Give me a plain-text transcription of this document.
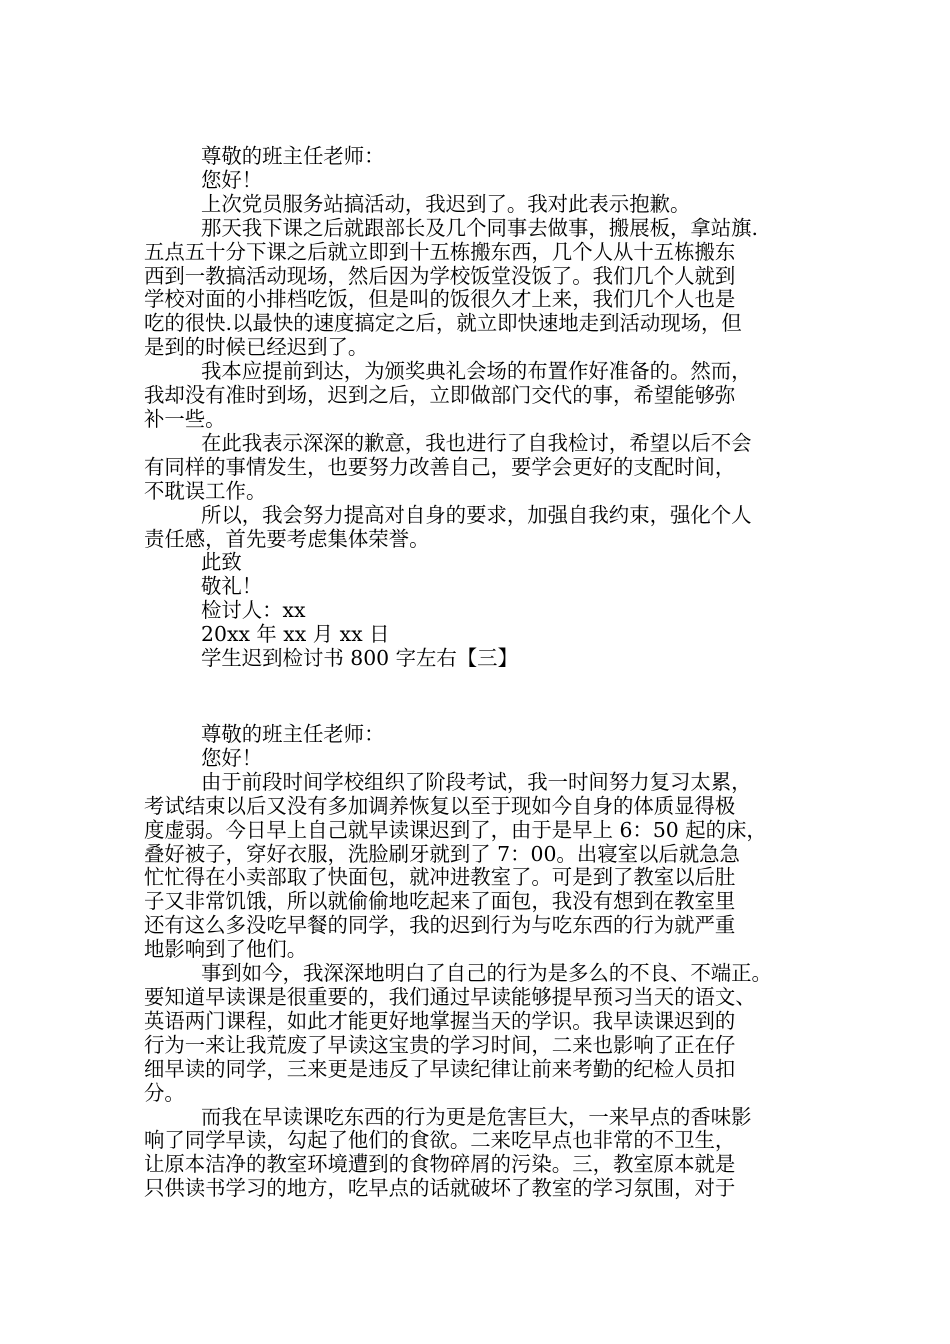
尊敬的班主任老师：
您好！
上次党员服务站搞活动，我迟到了。我对此表示抱歉。
那天我下课之后就跟部长及几个同事去做事，搬展板，拿站旗.
五点五十分下课之后就立即到十五栋搬东西，几个人从十五栋搬东
西到一教搞活动现场，然后因为学校饭堂没饭了。我们几个人就到
学校对面的小排档吃饭，但是叫的饭很久才上来，我们几个人也是
吃的很快.以最快的速度搞定之后，就立即快速地走到活动现场，但
是到的时候已经迟到了。
我本应提前到达，为颁奖典礼会场的布置作好准备的。然而，
我却没有准时到场，迟到之后，立即做部门交代的事，希望能够弥
补一些。
在此我表示深深的歉意，我也进行了自我检讨，希望以后不会
有同样的事情发生，也要努力改善自己，要学会更好的支配时间，
不耽误工作。
所以，我会努力提高对自身的要求，加强自我约束，强化个人
责任感，首先要考虑集体荣誉。
此致
敬礼！
检讨人：xx
20xx 年 xx 月 xx 日
学生迟到检讨书 800 字左右【三】
尊敬的班主任老师：
您好！
由于前段时间学校组织了阶段考试，我一时间努力复习太累，
考试结束以后又没有多加调养恢复以至于现如今自身的体质显得极
度虚弱。今日早上自己就早读课迟到了，由于是早上 6：50 起的床，
叠好被子，穿好衣服，洗脸刷牙就到了 7：00。出寝室以后就急急
忙忙得在小卖部取了快面包，就冲进教室了。可是到了教室以后肚
子又非常饥饿，所以就偷偷地吃起来了面包，我没有想到在教室里
还有这么多没吃早餐的同学，我的迟到行为与吃东西的行为就严重
地影响到了他们。
事到如今，我深深地明白了自己的行为是多么的不良、不端正。
要知道早读课是很重要的，我们通过早读能够提早预习当天的语文、
英语两门课程，如此才能更好地掌握当天的学识。我早读课迟到的
行为一来让我荒废了早读这宝贵的学习时间，二来也影响了正在仔
细早读的同学，三来更是违反了早读纪律让前来考勤的纪检人员扣
分。
而我在早读课吃东西的行为更是危害巨大，一来早点的香味影
响了同学早读，勾起了他们的食欲。二来吃早点也非常的不卫生，
让原本洁净的教室环境遭到的食物碎屑的污染。三，教室原本就是
只供读书学习的地方，吃早点的话就破坏了教室的学习氛围，对于
